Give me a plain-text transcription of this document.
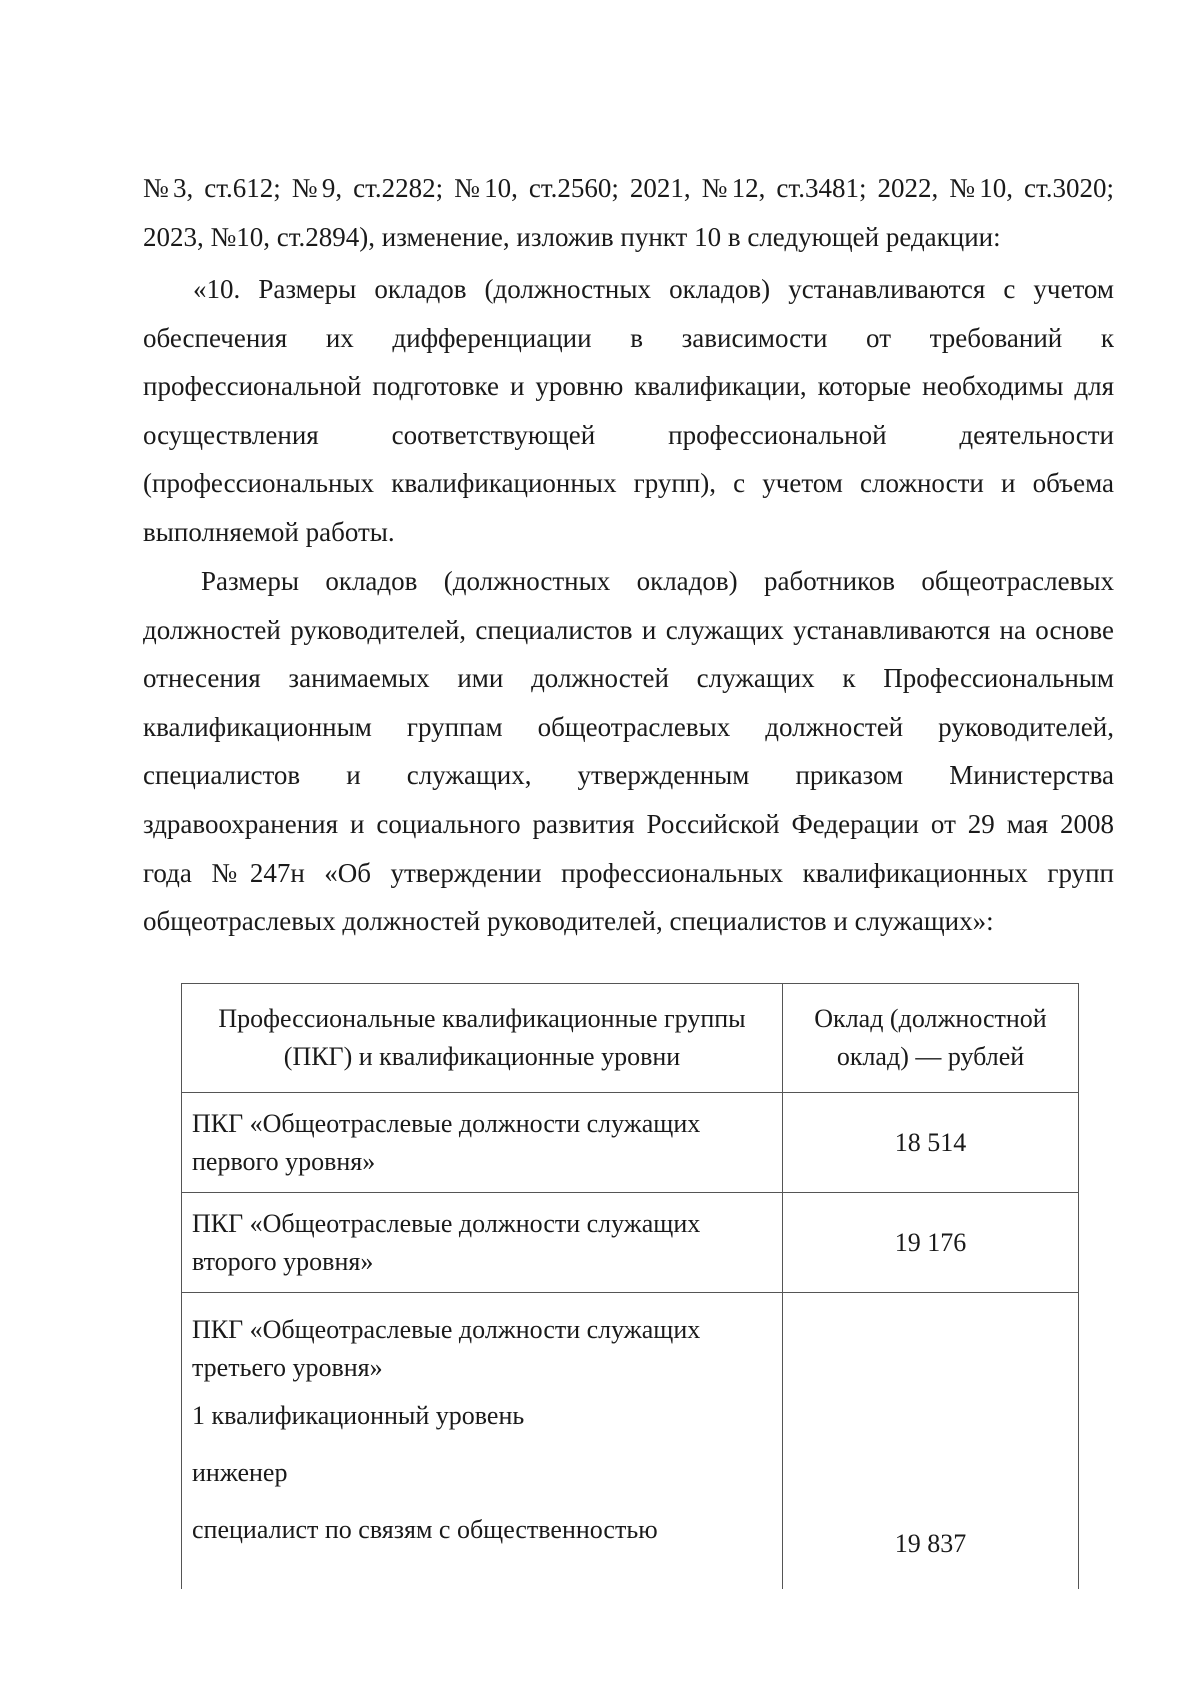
№3, ст.612; №9, ст.2282; №10, ст.2560; 2021, №12, ст.3481; 2022, №10, ст.3020;

2023, №10, ст.2894), изменение, изложив пункт 10 в следующей редакции:

«10. Размеры окладов (должностных окладов) устанавливаются с учетом обеспечения их дифференциации в зависимости от требований к профессиональной подготовке и уровню квалификации, которые необходимы для осуществления соответствующей профессиональной деятельности (профессиональных квалификационных групп), с учетом сложности и объема выполняемой работы.

Размеры окладов (должностных окладов) работников общеотраслевых должностей руководителей, специалистов и служащих устанавливаются на основе отнесения занимаемых ими должностей служащих к Профессиональным квалификационным группам общеотраслевых должностей руководителей, специалистов и служащих, утвержденным приказом Министерства здравоохранения и социального развития Российской Федерации от 29 мая 2008 года №247н «Об утверждении профессиональных квалификационных групп общеотраслевых должностей руководителей, специалистов и служащих»:

Профессиональные квалификационные группы (ПКГ) и квалификационные уровни	Оклад (должностной оклад) — рублей

ПКГ «Общеотраслевые должности служащих первого уровня»	18 514

ПКГ «Общеотраслевые должности служащих второго уровня»	19 176

ПКГ «Общеотраслевые должности служащих третьего уровня»
1 квалификационный уровень
инженер
специалист по связям с общественностью	19 837
